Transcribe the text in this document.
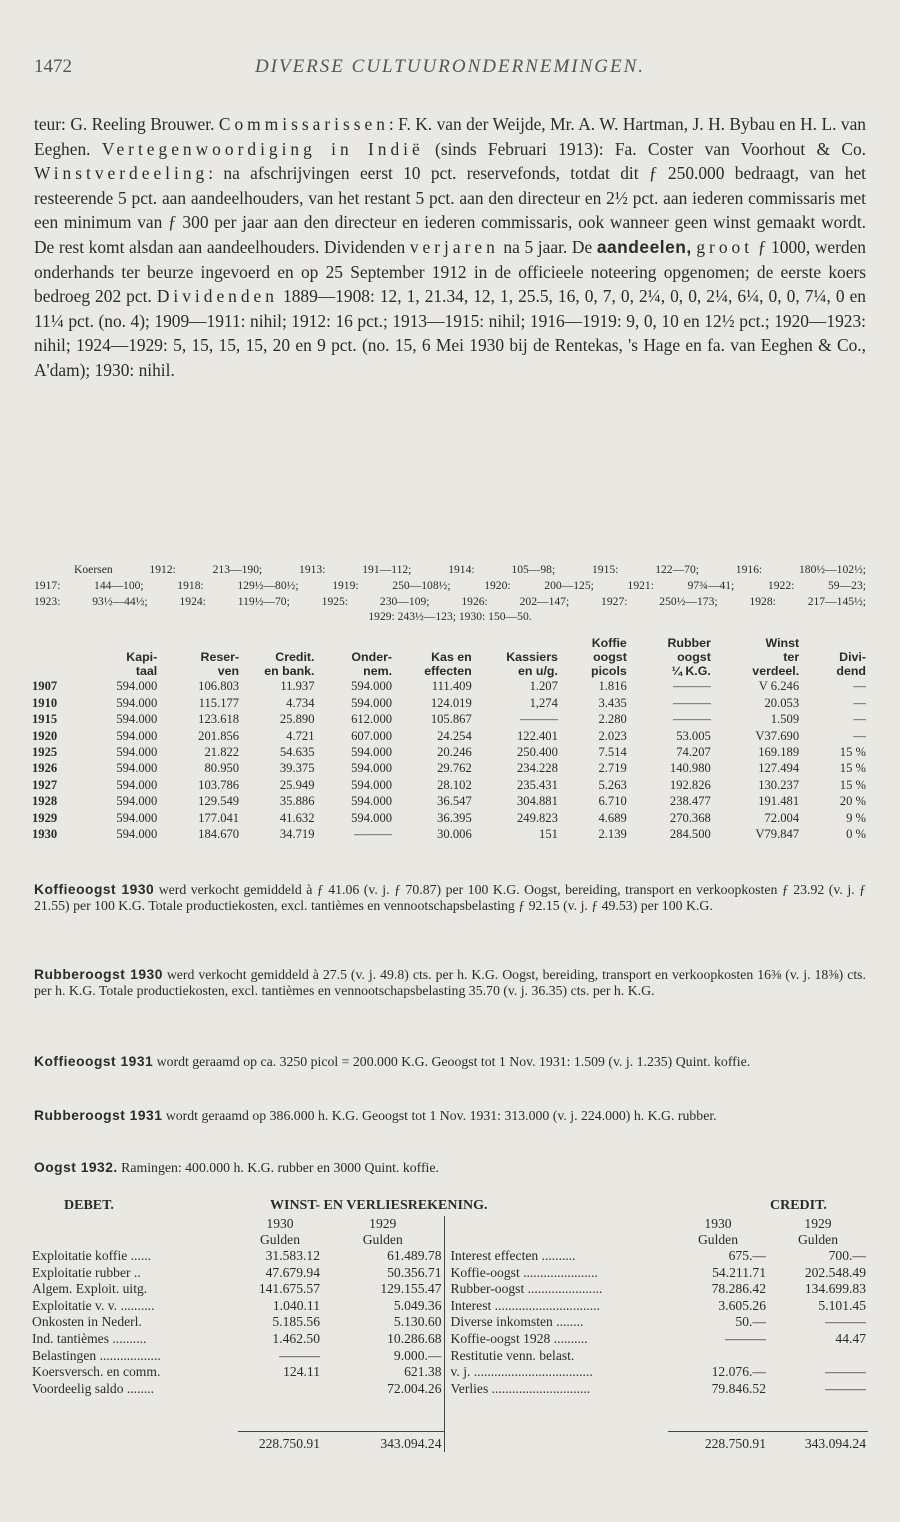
1472	DIVERSE CULTUURONDERNEMINGEN.
teur: G. Reeling Brouwer. Commissarissen: F. K. van der Weijde, Mr. A. W. Hartman, J. H. Bybau en H. L. van Eeghen. Vertegenwoordiging in Indië (sinds Februari 1913): Fa. Coster van Voorhout & Co. Winstverdeeling: na afschrijvingen eerst 10 pct. reservefonds, totdat dit ƒ 250.000 bedraagt, van het resteerende 5 pct. aan aandeelhouders, van het restant 5 pct. aan den directeur en 2½ pct. aan iederen commissaris met een minimum van ƒ 300 per jaar aan den directeur en iederen commissaris, ook wanneer geen winst gemaakt wordt. De rest komt alsdan aan aandeelhouders. Dividenden verjaren na 5 jaar. De aandeelen, groot ƒ 1000, werden onderhands ter beurze ingevoerd en op 25 September 1912 in de officieele noteering opgenomen; de eerste koers bedroeg 202 pct. Dividenden 1889—1908: 12, 1, 21.34, 12, 1, 25.5, 16, 0, 7, 0, 2¼, 0, 0, 2¼, 6¼, 0, 0, 7¼, 0 en 11¼ pct. (no. 4); 1909—1911: nihil; 1912: 16 pct.; 1913—1915: nihil; 1916—1919: 9, 0, 10 en 12½ pct.; 1920—1923: nihil; 1924—1929: 5, 15, 15, 15, 20 en 9 pct. (no. 15, 6 Mei 1930 bij de Rentekas, 's Hage en fa. van Eeghen & Co., A'dam); 1930: nihil.
Koersen 1912: 213—190; 1913: 191—112; 1914: 105—98; 1915: 122—70; 1916: 180½—102½;
1917: 144—100; 1918: 129½—80½; 1919: 250—108½; 1920: 200—125; 1921: 97¾—41; 1922: 59—23;
1923: 93½—44½; 1924: 119½—70; 1925: 230—109; 1926: 202—147; 1927: 250½—173; 1928: 217—145½;
1929: 243½—123; 1930: 150—50.
							Koffie	Rubber	Winst	
	Kapi-	Reser-	Credit.	Onder-	Kas en	Kassiers	oogst	oogst	ter	Divi-
	taal	ven	en bank.	nem.	effecten	en u/g.	picols	¼ K.G.	verdeel.	dend
1907	594.000	106.803	11.937	594.000	111.409	1.207	1.816	———	V 6.246	—
1910	594.000	115.177	4.734	594.000	124.019	1,274	3.435	———	20.053	—
1915	594.000	123.618	25.890	612.000	105.867	———	2.280	———	1.509	—
1920	594.000	201.856	4.721	607.000	24.254	122.401	2.023	53.005	V37.690	—
1925	594.000	21.822	54.635	594.000	20.246	250.400	7.514	74.207	169.189	15 %
1926	594.000	80.950	39.375	594.000	29.762	234.228	2.719	140.980	127.494	15 %
1927	594.000	103.786	25.949	594.000	28.102	235.431	5.263	192.826	130.237	15 %
1928	594.000	129.549	35.886	594.000	36.547	304.881	6.710	238.477	191.481	20 %
1929	594.000	177.041	41.632	594.000	36.395	249.823	4.689	270.368	72.004	9 %
1930	594.000	184.670	34.719	———	30.006	151	2.139	284.500	V79.847	0 %
Koffieoogst 1930 werd verkocht gemiddeld à ƒ 41.06 (v. j. ƒ 70.87) per 100 K.G. Oogst, bereiding, transport en verkoopkosten ƒ 23.92 (v. j. ƒ 21.55) per 100 K.G. Totale productiekosten, excl. tantièmes en vennootschapsbelasting ƒ 92.15 (v. j. ƒ 49.53) per 100 K.G.
Rubberoogst 1930 werd verkocht gemiddeld à 27.5 (v. j. 49.8) cts. per h. K.G. Oogst, bereiding, transport en verkoopkosten 16⅜ (v. j. 18⅜) cts. per h. K.G. Totale productiekosten, excl. tantièmes en vennootschapsbelasting 35.70 (v. j. 36.35) cts. per h. K.G.
Koffieoogst 1931 wordt geraamd op ca. 3250 picol = 200.000 K.G. Geoogst tot 1 Nov. 1931: 1.509 (v. j. 1.235) Quint. koffie.
Rubberoogst 1931 wordt geraamd op 386.000 h. K.G. Geoogst tot 1 Nov. 1931: 313.000 (v. j. 224.000) h. K.G. rubber.
Oogst 1932. Ramingen: 400.000 h. K.G. rubber en 3000 Quint. koffie.
DEBET.	WINST- EN VERLIESREKENING.	CREDIT.
	1930	1929		1930	1929
	Gulden	Gulden		Gulden	Gulden
Exploitatie koffie ......	31.583.12	61.489.78	Interest effecten ..........	675.—	700.—
Exploitatie rubber ..	47.679.94	50.356.71	Koffie-oogst ......................	54.211.71	202.548.49
Algem. Exploit. uitg.	141.675.57	129.155.47	Rubber-oogst ......................	78.286.42	134.699.83
Exploitatie v. v. ..........	1.040.11	5.049.36	Interest ...............................	3.605.26	5.101.45
Onkosten in Nederl.	5.185.56	5.130.60	Diverse inkomsten ........	50.—	———
Ind. tantièmes ..........	1.462.50	10.286.68	Koffie-oogst 1928 ..........	———	44.47
Belastingen ..................	———	9.000.—	Restitutie venn. belast.		
Koersversch. en comm.	124.11	621.38	v. j. ...................................	12.076.—	———
Voordeelig saldo ........		72.004.26	Verlies .............................	79.846.52	———

	228.750.91	343.094.24		228.750.91	343.094.24
